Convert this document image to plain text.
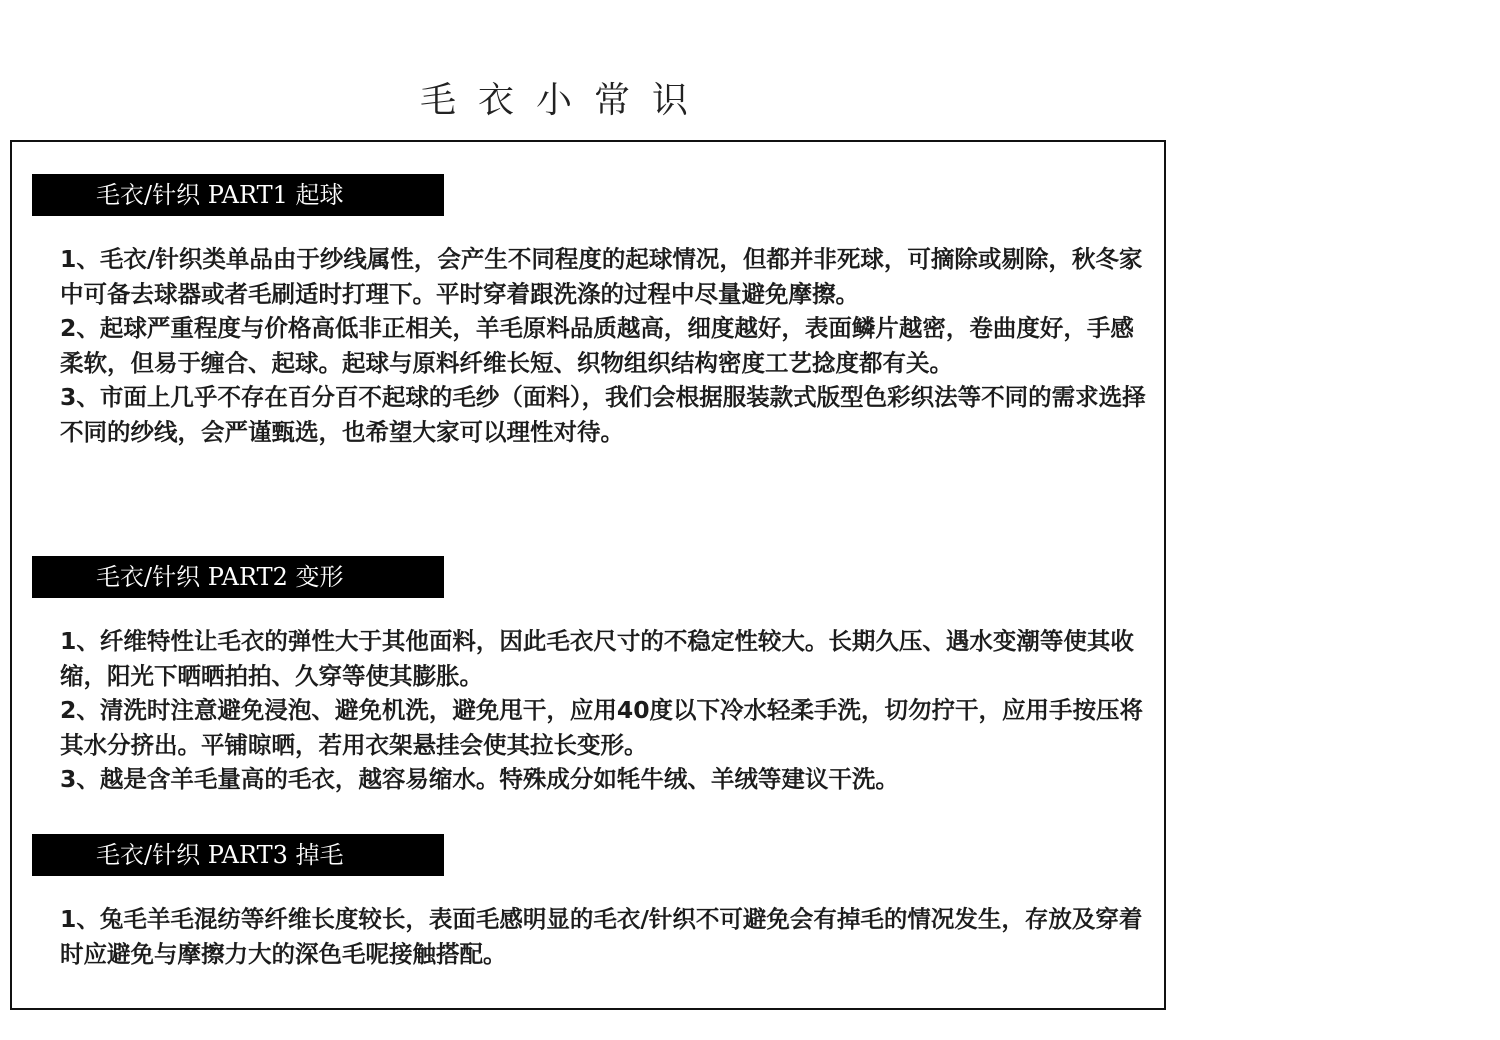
毛衣小常识
毛衣/针织 PART1 起球

1、毛衣/针织类单品由于纱线属性，会产生不同程度的起球情况，但都并非死球，可摘除或剔除，秋冬家中可备去球器或者毛刷适时打理下。平时穿着跟洗涤的过程中尽量避免摩擦。

2、起球严重程度与价格高低非正相关，羊毛原料品质越高，细度越好，表面鳞片越密，卷曲度好，手感柔软，但易于缠合、起球。起球与原料纤维长短、织物组织结构密度工艺捻度都有关。

3、市面上几乎不存在百分百不起球的毛纱（面料），我们会根据服装款式版型色彩织法等不同的需求选择不同的纱线，会严谨甄选，也希望大家可以理性对待。

毛衣/针织 PART2 变形

1、纤维特性让毛衣的弹性大于其他面料，因此毛衣尺寸的不稳定性较大。长期久压、遇水变潮等使其收缩，阳光下晒晒拍拍、久穿等使其膨胀。

2、清洗时注意避免浸泡、避免机洗，避免甩干，应用40度以下冷水轻柔手洗，切勿拧干，应用手按压将其水分挤出。平铺晾晒，若用衣架悬挂会使其拉长变形。

3、越是含羊毛量高的毛衣，越容易缩水。特殊成分如牦牛绒、羊绒等建议干洗。

毛衣/针织 PART3 掉毛

1、兔毛羊毛混纺等纤维长度较长，表面毛感明显的毛衣/针织不可避免会有掉毛的情况发生，存放及穿着时应避免与摩擦力大的深色毛呢接触搭配。
